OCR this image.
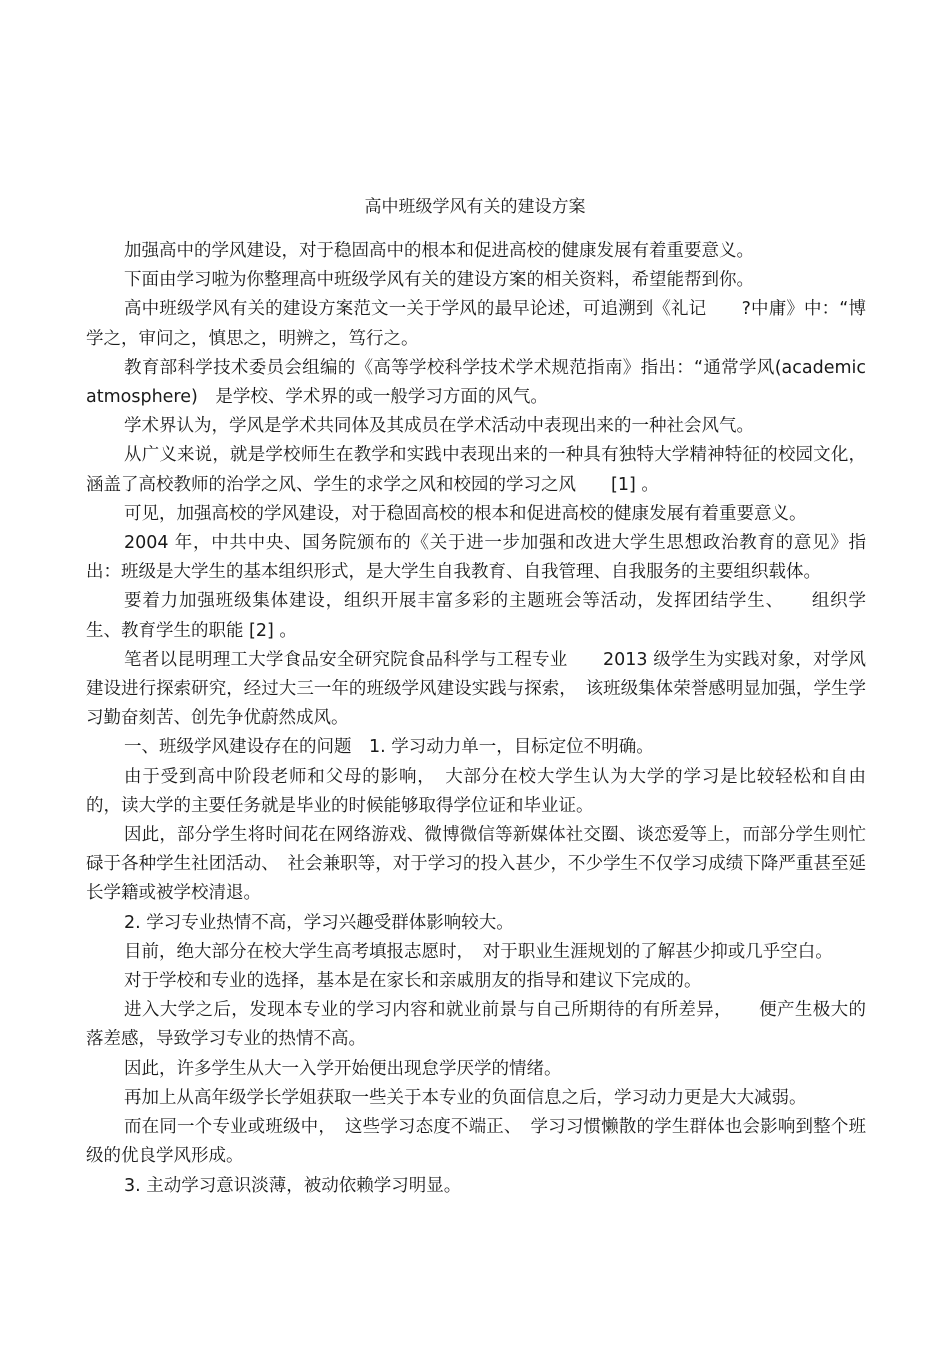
高中班级学风有关的建设方案

加强高中的学风建设，对于稳固高中的根本和促进高校的健康发展有着重要意义。

下面由学习啦为你整理高中班级学风有关的建设方案的相关资料，希望能帮到你。

高中班级学风有关的建设方案范文一关于学风的最早论述，可追溯到《礼记　　?中庸》中：“博学之，审问之，慎思之，明辨之，笃行之。

教育部科学技术委员会组编的《高等学校科学技术学术规范指南》指出：“通常学风(academic atmosphere)　是学校、学术界的或一般学习方面的风气。

学术界认为，学风是学术共同体及其成员在学术活动中表现出来的一种社会风气。

从广义来说，就是学校师生在教学和实践中表现出来的一种具有独特大学精神特征的校园文化，涵盖了高校教师的治学之风、学生的求学之风和校园的学习之风　　[1] 。

可见，加强高校的学风建设，对于稳固高校的根本和促进高校的健康发展有着重要意义。

2004 年，中共中央、国务院颁布的《关于进一步加强和改进大学生思想政治教育的意见》指出：班级是大学生的基本组织形式，是大学生自我教育、自我管理、自我服务的主要组织载体。

要着力加强班级集体建设，组织开展丰富多彩的主题班会等活动，发挥团结学生、　　组织学生、教育学生的职能 [2] 。

笔者以昆明理工大学食品安全研究院食品科学与工程专业　　2013 级学生为实践对象，对学风建设进行探索研究，经过大三一年的班级学风建设实践与探索，　该班级集体荣誉感明显加强，学生学习勤奋刻苦、创先争优蔚然成风。

一、班级学风建设存在的问题　1. 学习动力单一，目标定位不明确。

由于受到高中阶段老师和父母的影响，　大部分在校大学生认为大学的学习是比较轻松和自由的，读大学的主要任务就是毕业的时候能够取得学位证和毕业证。

因此，部分学生将时间花在网络游戏、微博微信等新媒体社交圈、谈恋爱等上，而部分学生则忙碌于各种学生社团活动、　社会兼职等，对于学习的投入甚少，不少学生不仅学习成绩下降严重甚至延长学籍或被学校清退。

2. 学习专业热情不高，学习兴趣受群体影响较大。

目前，绝大部分在校大学生高考填报志愿时，　对于职业生涯规划的了解甚少抑或几乎空白。

对于学校和专业的选择，基本是在家长和亲戚朋友的指导和建议下完成的。

进入大学之后，发现本专业的学习内容和就业前景与自己所期待的有所差异，　　便产生极大的落差感，导致学习专业的热情不高。

因此，许多学生从大一入学开始便出现怠学厌学的情绪。

再加上从高年级学长学姐获取一些关于本专业的负面信息之后，学习动力更是大大减弱。

而在同一个专业或班级中，　这些学习态度不端正、　学习习惯懒散的学生群体也会影响到整个班级的优良学风形成。

3. 主动学习意识淡薄，被动依赖学习明显。
